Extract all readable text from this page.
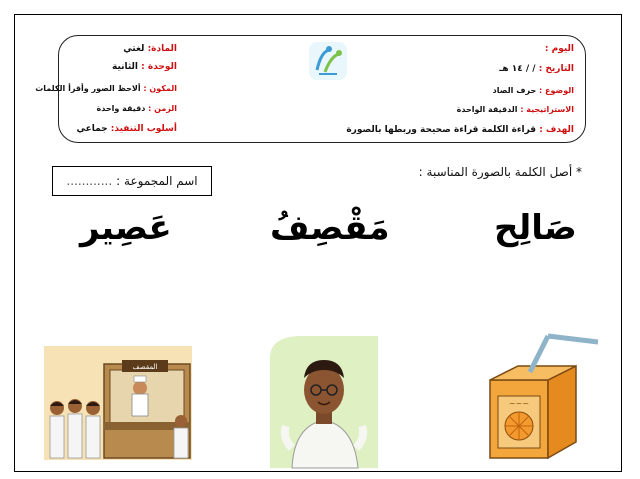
اليوم :
التاريخ : / / ١٤ هـ
الوضوع : حرف الصاد
الاستراتيجية : الدقيقة الواحدة
الهدف : قراءة الكلمة قراءة صحيحة وربطها بالصورة
المادة: لغتي
الوحدة : الثانية
المكون : ألاحظ الصور وأقرأ الكلمات
الزمن : دقيقة واحدة
أسلوب التنفيذ: جماعي
* أصل الكلمة بالصورة المناسبة :
اسم المجموعة :
............
صَالِح
مَقْصِفُ
عَصِير
~~~
المقصف
